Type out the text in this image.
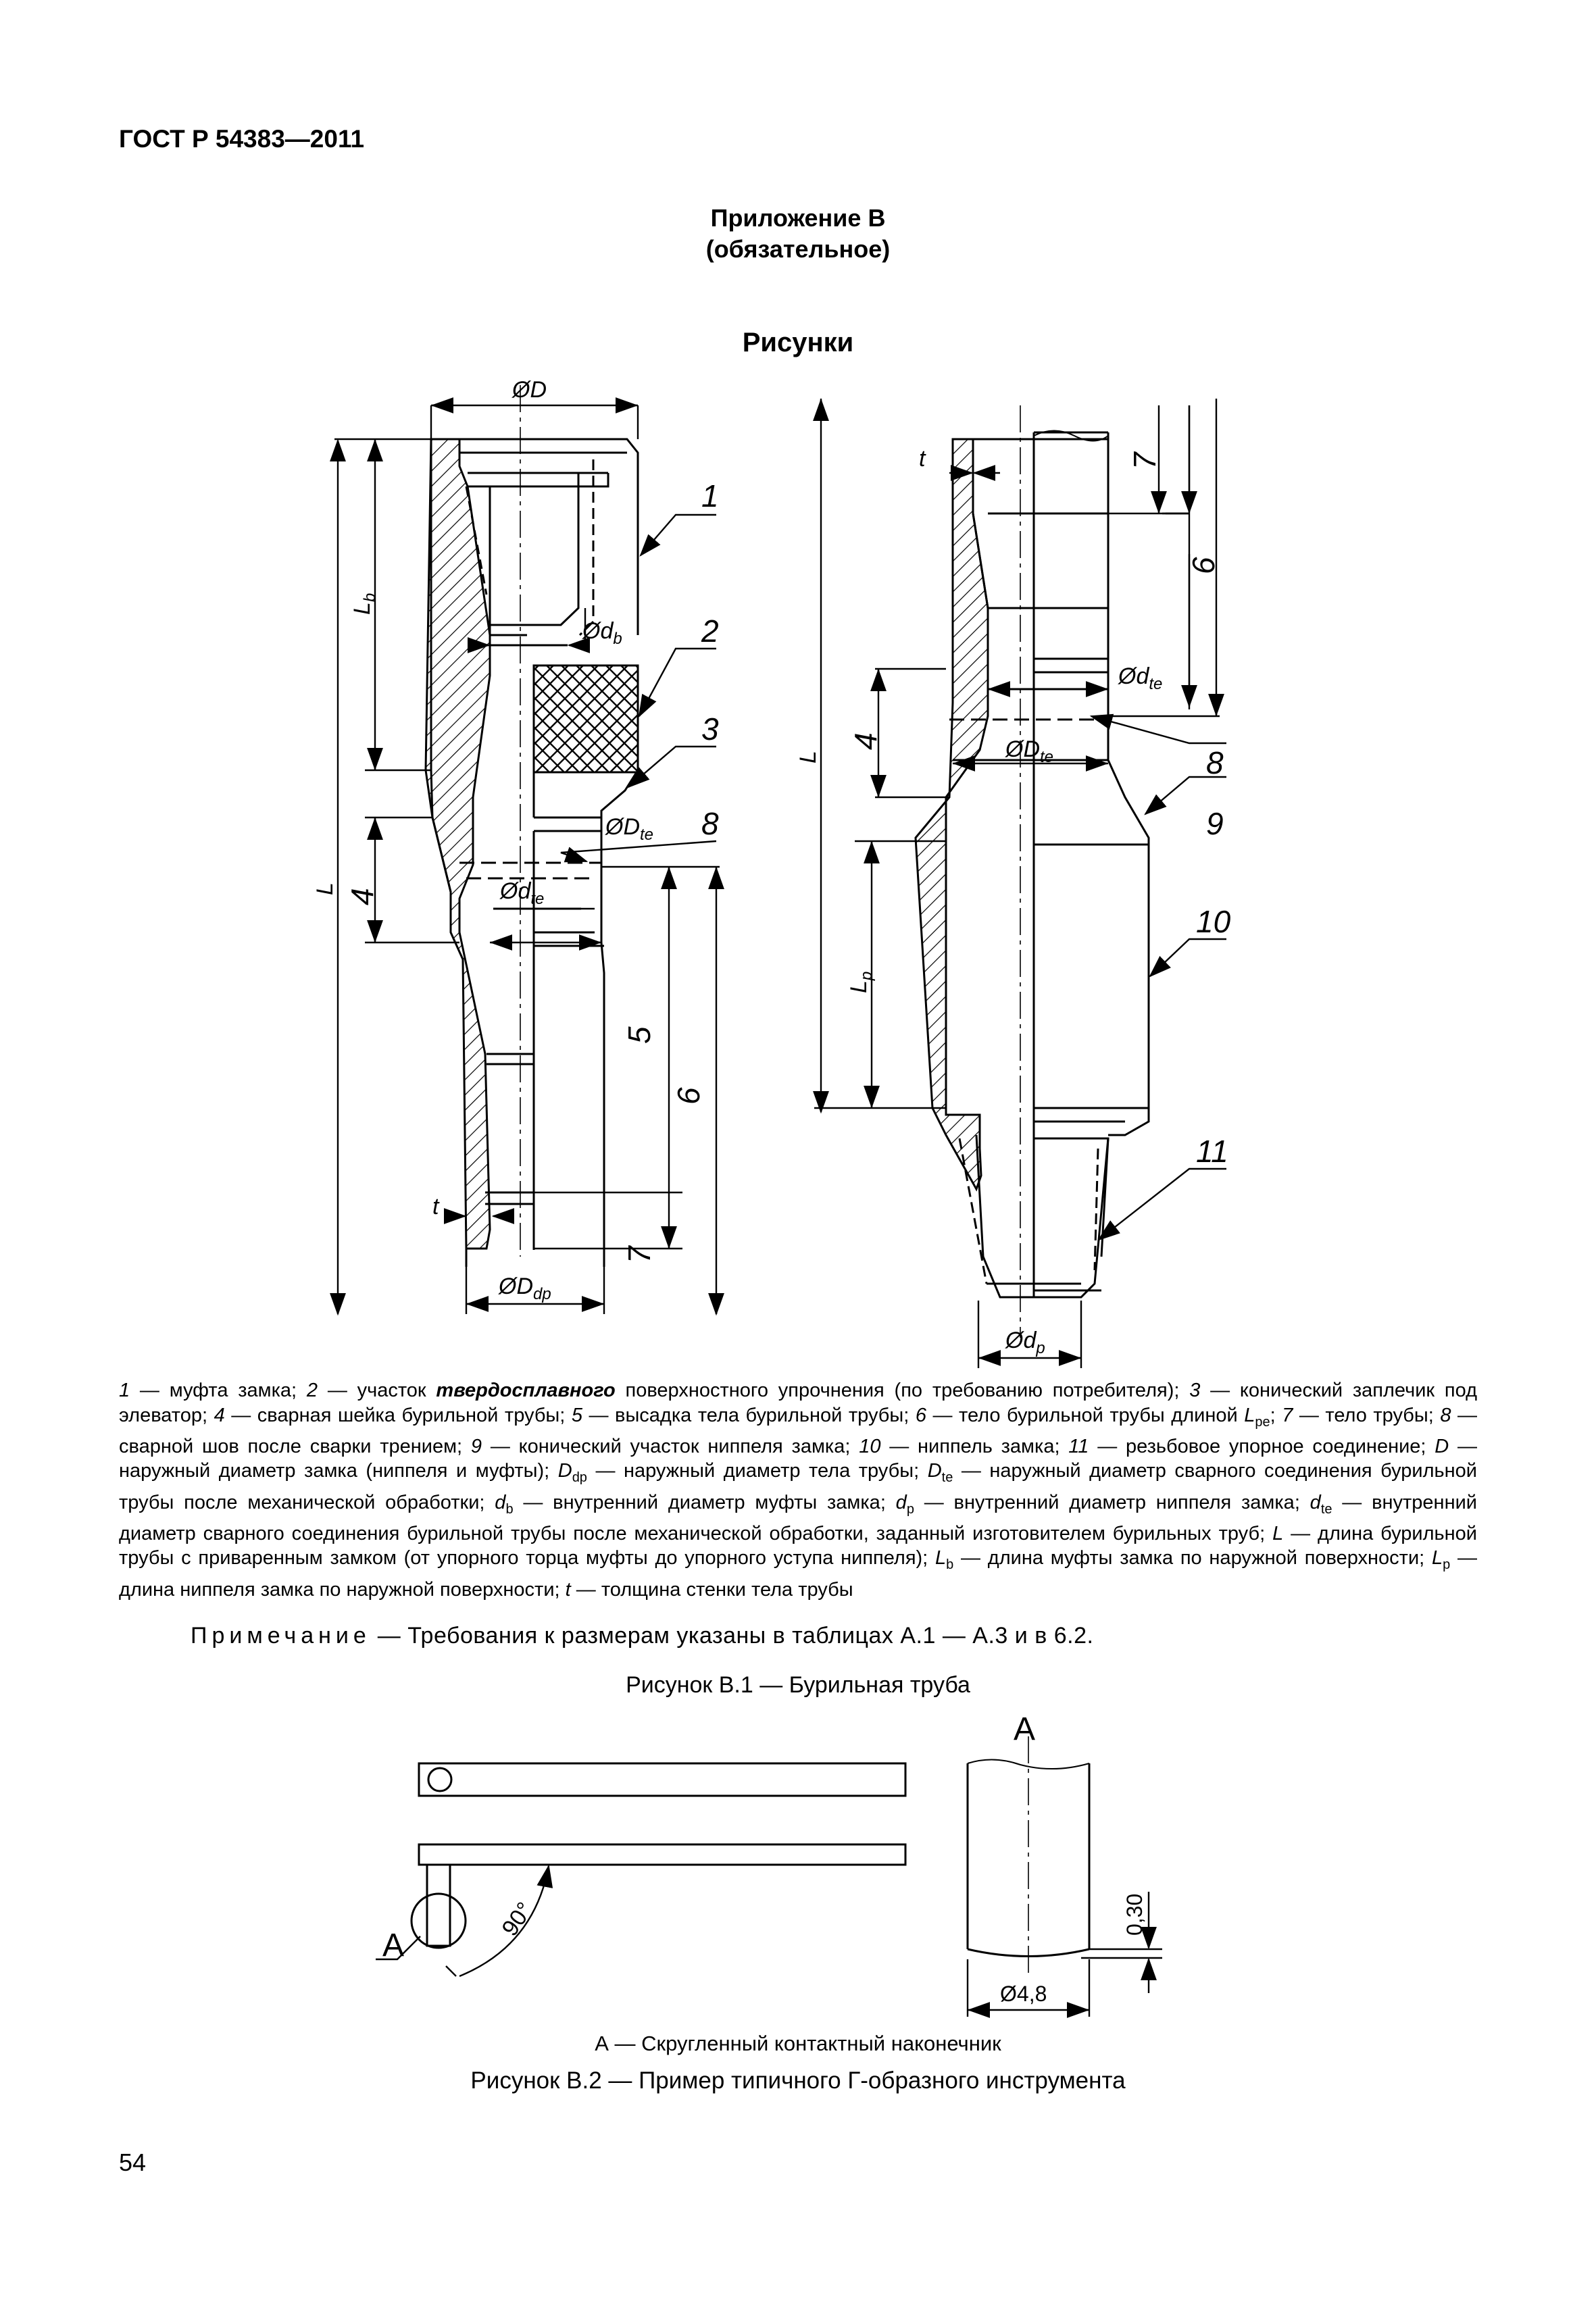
ГОСТ Р 54383—2011
Приложение В
(обязательное)
Рисунки
ØD
$Ød_b$
$ØD_{te}$
$Ød_{te}$
$ØD_{dp}$
t
L
$L_b$
$Ød_{te}$
$ØD_{te}$
$Ød_p$
t
L
$L_p$
1
2
3
4
5
6
7
8
4
6
7
8
9
10
11
1 — муфта замка; 2 — участок твердосплавного поверхностного упрочнения (по требованию потребителя); 3 — конический заплечик под элеватор; 4 — сварная шейка бурильной трубы; 5 — высадка тела бурильной трубы; 6 — тело бурильной трубы длиной $L_{pe}$; 7 — тело трубы; 8 — сварной шов после сварки трением; 9 — конический участок ниппеля замка; 10 — ниппель замка; 11 — резьбовое упорное соединение; D — наружный диаметр замка (ниппеля и муфты); $D_{dp}$ — наружный диаметр тела трубы; $D_{te}$ — наружный диаметр сварного соединения бурильной трубы после механической обработки; $d_b$ — внутренний диаметр муфты замка; $d_p$ — внутренний диаметр ниппеля замка; $d_{te}$ — внутренний диаметр сварного соединения бурильной трубы после механической обработки, заданный изготовителем бурильных труб; L — длина бурильной трубы с приваренным замком (от упорного торца муфты до упорного уступа ниппеля); $L_b$ — длина муфты замка по наружной поверхности; $L_p$ — длина ниппеля замка по наружной поверхности; t — толщина стенки тела трубы
Примечание — Требования к размерам указаны в таблицах А.1 — А.3 и в 6.2.
Рисунок В.1 — Бурильная труба
А
А
90°	0,30
Ø4,8
А — Скругленный контактный наконечник
Рисунок В.2 — Пример типичного Г-образного инструмента
54
